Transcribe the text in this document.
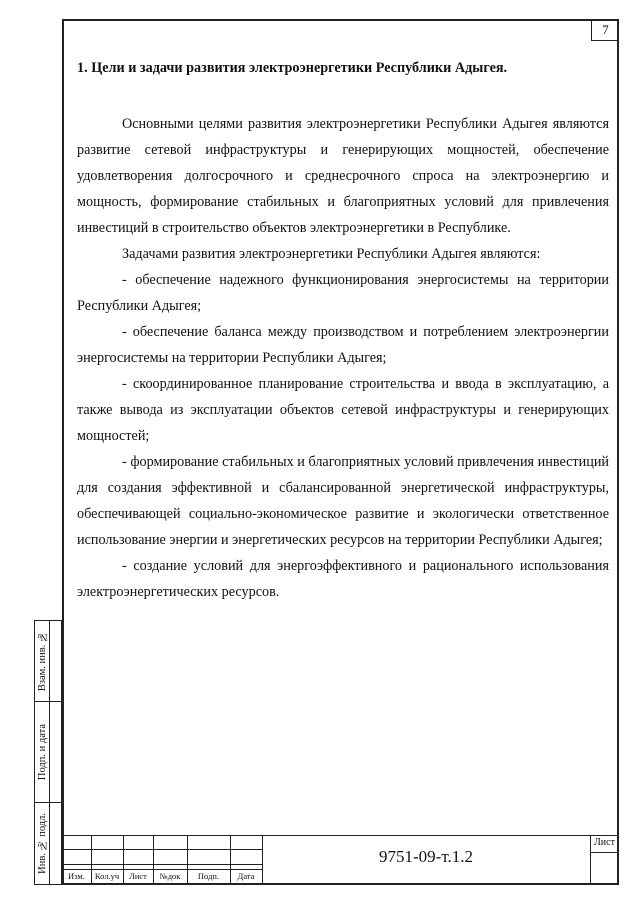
7

1. Цели и задачи развития электроэнергетики Республики Адыгея.

Основными целями развития электроэнергетики Республики Адыгея являются развитие сетевой инфраструктуры и генерирующих мощностей, обеспечение удовлетворения долгосрочного и среднесрочного спроса на электроэнергию и мощность, формирование стабильных и благоприятных условий для привлечения инвестиций в строительство объектов электроэнергетики в Республике.

Задачами развития электроэнергетики Республики Адыгея являются:

- обеспечение надежного функционирования энергосистемы на территории Республики Адыгея;

- обеспечение баланса между производством и потреблением электроэнергии энергосистемы на территории Республики Адыгея;

- скоординированное планирование строительства и ввода в эксплуатацию, а также вывода из эксплуатации объектов сетевой инфраструктуры и генерирующих мощностей;

- формирование стабильных и благоприятных условий привлечения инвестиций для создания эффективной и сбалансированной энергетической инфраструктуры, обеспечивающей социально-экономическое развитие и экологически ответственное использование энергии и энергетических ресурсов на территории Республики Адыгея;

- создание условий для энергоэффективного и рационального использования электроэнергетических ресурсов.

Взам. инв. №
Подп. и дата
Инв. № подл.
Изм.	Кол.уч	Лист	№док	Подп.	Дата
9751-09-т.1.2
Лист
